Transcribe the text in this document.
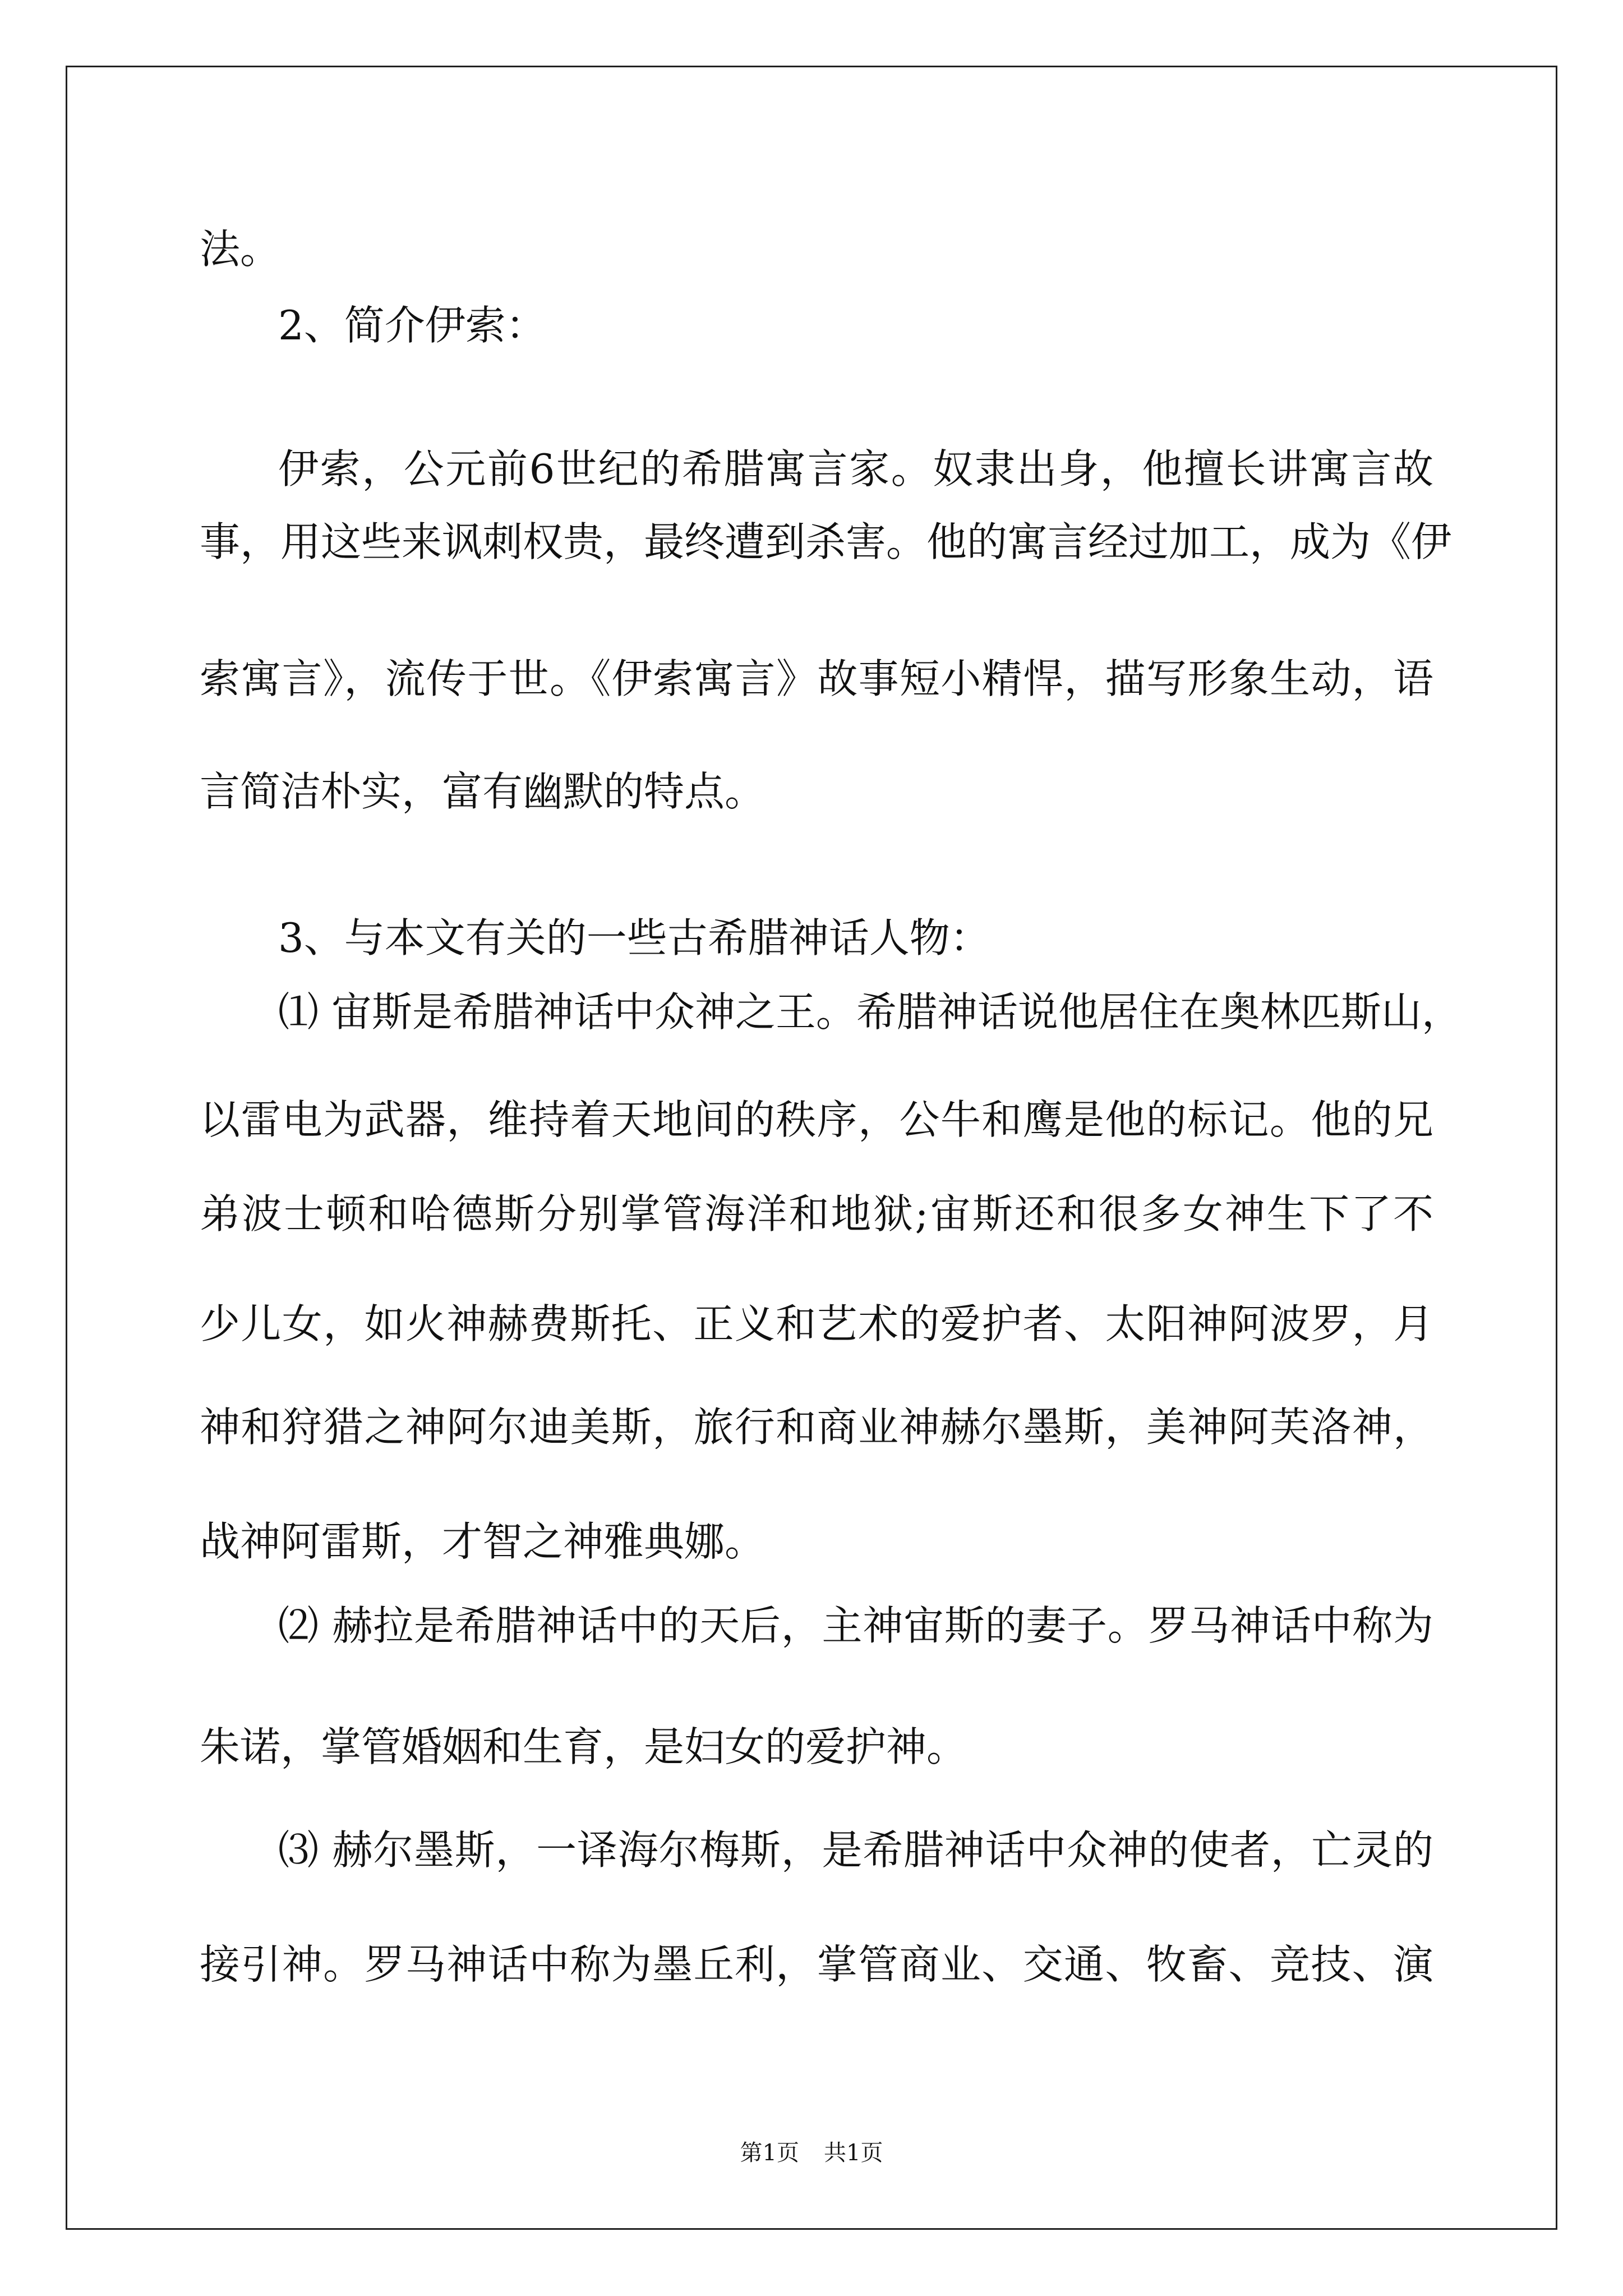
法。
2、简介伊索：
伊索，公元前6世纪的希腊寓言家。奴隶出身，他擅长讲寓言故
事，用这些来讽刺权贵，最终遭到杀害。他的寓言经过加工，成为《伊
索寓言》，流传于世。《伊索寓言》故事短小精悍，描写形象生动，语
言简洁朴实，富有幽默的特点。
3、与本文有关的一些古希腊神话人物：
⑴ 宙斯是希腊神话中众神之王。希腊神话说他居住在奥林匹斯山，
以雷电为武器，维持着天地间的秩序，公牛和鹰是他的标记。他的兄
弟波士顿和哈德斯分别掌管海洋和地狱;宙斯还和很多女神生下了不
少儿女，如火神赫费斯托、正义和艺术的爱护者、太阳神阿波罗，月
神和狩猎之神阿尔迪美斯，旅行和商业神赫尔墨斯，美神阿芙洛神，
战神阿雷斯，才智之神雅典娜。
⑵ 赫拉是希腊神话中的天后，主神宙斯的妻子。罗马神话中称为
朱诺，掌管婚姻和生育，是妇女的爱护神。
⑶ 赫尔墨斯，一译海尔梅斯，是希腊神话中众神的使者，亡灵的
接引神。罗马神话中称为墨丘利，掌管商业、交通、牧畜、竞技、演
第1页 共1页
